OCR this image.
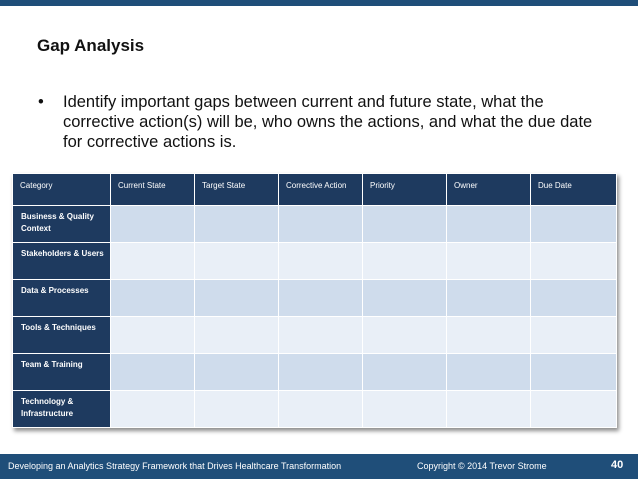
Gap Analysis
•	Identify important gaps between current and future state, what the corrective action(s) will be, who owns the actions, and what the due date for corrective actions is.
Category	Current State	Target State	Corrective Action	Priority	Owner	Due Date
Business & Quality Context						
Stakeholders & Users						
Data & Processes						
Tools & Techniques						
Team & Training						
Technology & Infrastructure						
Developing an Analytics Strategy Framework that Drives Healthcare Transformation	Copyright © 2014 Trevor Strome	40
